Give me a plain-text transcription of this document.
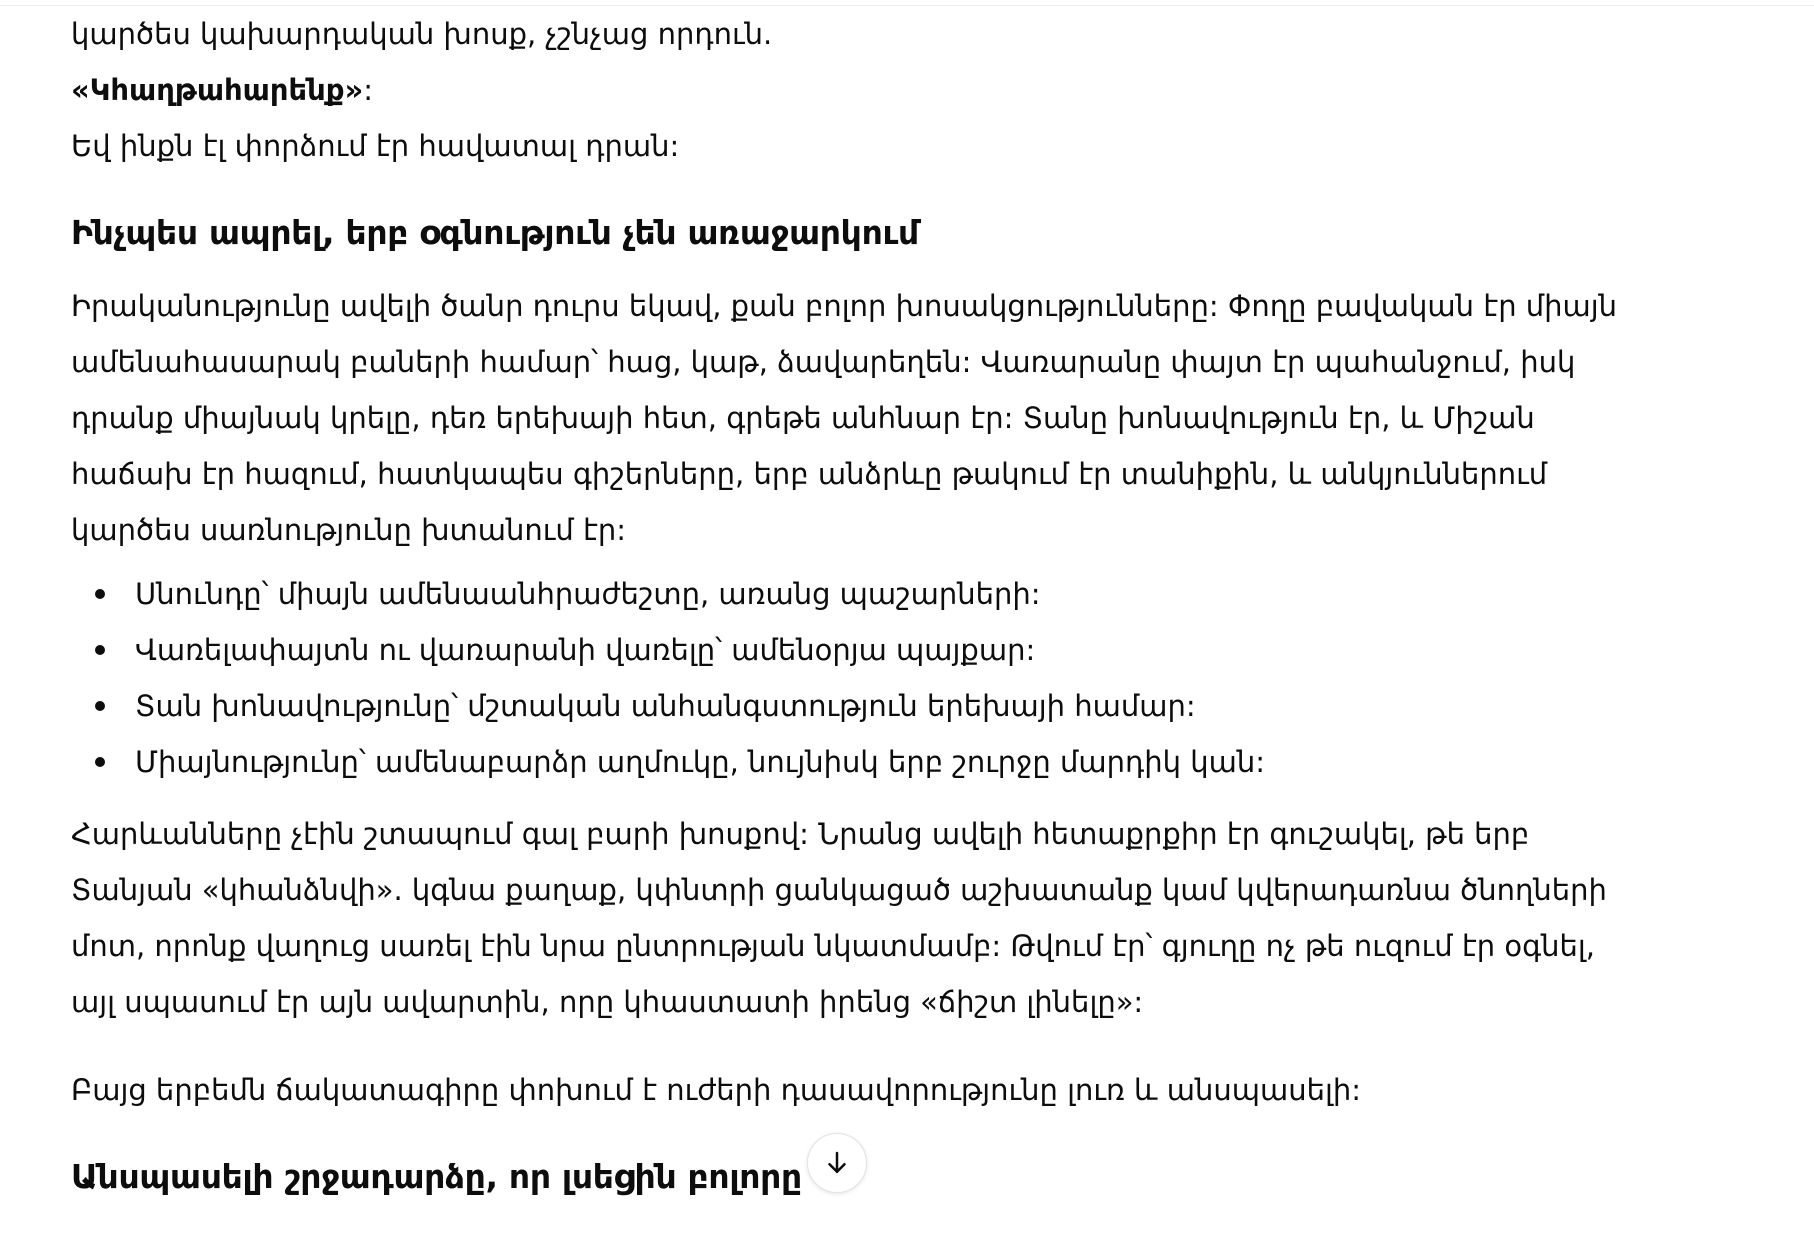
կարծես կախարդական խոսք, չշնչաց որդուն.

«Կհաղթահարենք»:

Եվ ինքն էլ փորձում էր հավատալ դրան:

Ինչպես ապրել, երբ օգնություն չեն առաջարկում

Իրականությունը ավելի ծանր դուրս եկավ, քան բոլոր խոսակցությունները: Փողը բավական էր միայն

ամենահասարակ բաների համար՝ հաց, կաթ, ձավարեղեն: Վառարանը փայտ էր պահանջում, իսկ

դրանք միայնակ կրելը, դեռ երեխայի հետ, գրեթե անհնար էր: Տանը խոնավություն էր, և Միշան

հաճախ էր հազում, հատկապես գիշերները, երբ անձրևը թակում էր տանիքին, և անկյուններում

կարծես սառնությունը խտանում էր:

Սնունդը՝ միայն ամենաանհրաժեշտը, առանց պաշարների:

Վառելափայտն ու վառարանի վառելը՝ ամենօրյա պայքար:

Տան խոնավությունը՝ մշտական անհանգստություն երեխայի համար:

Միայնությունը՝ ամենաբարձր աղմուկը, նույնիսկ երբ շուրջը մարդիկ կան:

Հարևանները չէին շտապում գալ բարի խոսքով: Նրանց ավելի հետաքրքիր էր գուշակել, թե երբ

Տանյան «կհանձնվի». կգնա քաղաք, կփնտրի ցանկացած աշխատանք կամ կվերադառնա ծնողների

մոտ, որոնք վաղուց սառել էին նրա ընտրության նկատմամբ: Թվում էր՝ գյուղը ոչ թե ուզում էր օգնել,

այլ սպասում էր այն ավարտին, որը կհաստատի իրենց «ճիշտ լինելը»:

Բայց երբեմն ճակատագիրը փոխում է ուժերի դասավորությունը լուռ և անսպասելի:

Անսպասելի շրջադարձը, որ լսեցին բոլորը
